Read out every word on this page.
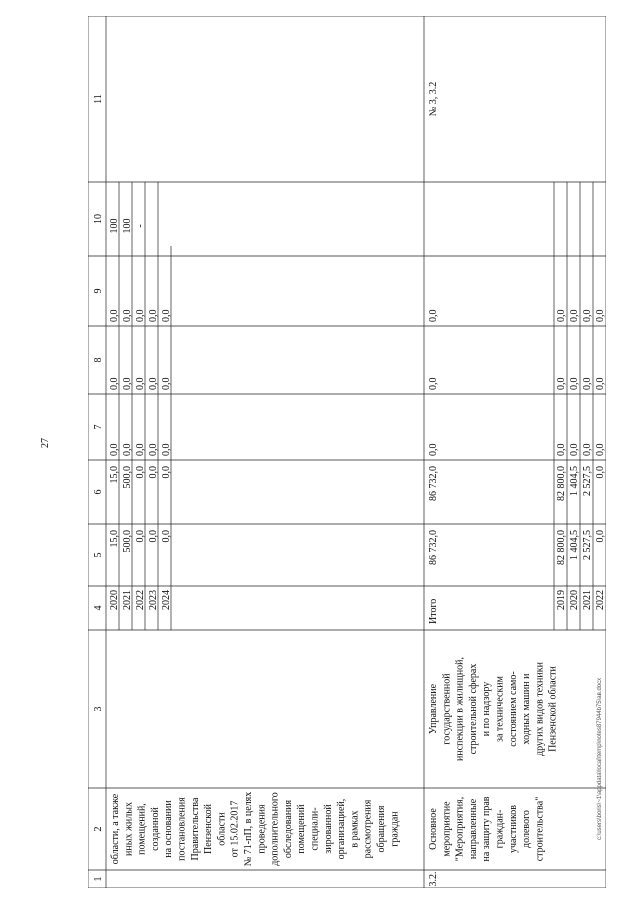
27
1
2
3
4
5
6
7
8
9
10
11
области, а также иных жилых помещений, созданной на основании постановления Правительства Пензенской области от 15.02.2017 № 71-пП, в целях проведения дополнительного обследования помещений специали- зированной организацией, в рамках рассмотрения обращения граждан
2020
15,0
15,0
0,0
0,0
0,0
100
2021
500,0
500,0
0,0
0,0
0,0
100
2022
0,0
0,0
0,0
0,0
0,0
-
2023
0,0
0,0
0,0
0,0
0,0
2024
0,0
0,0
0,0
0,0
0,0
3.2.
Основное мероприятие "Мероприятия, направленные на защиту прав граждан- участников долевого строительства"
Управление государственной инспекции в жилищной, строительной сферах и по надзору за техническим состоянием само- ходных машин и других видов техники Пензенской области
№ 3, 3.2
Итого
86 732,0
86 732,0
0,0
0,0
0,0
2019
82 800,0
82 800,0
0,0
0,0
0,0
2020
1 404,5
1 404,5
0,0
0,0
0,0
2021
2 527,5
2 527,5
0,0
0,0
0,0
2022
0,0
0,0
0,0
0,0
0,0
c:\users\boris\~1\appdata\local\temp\notes87944b75\ав.docx
